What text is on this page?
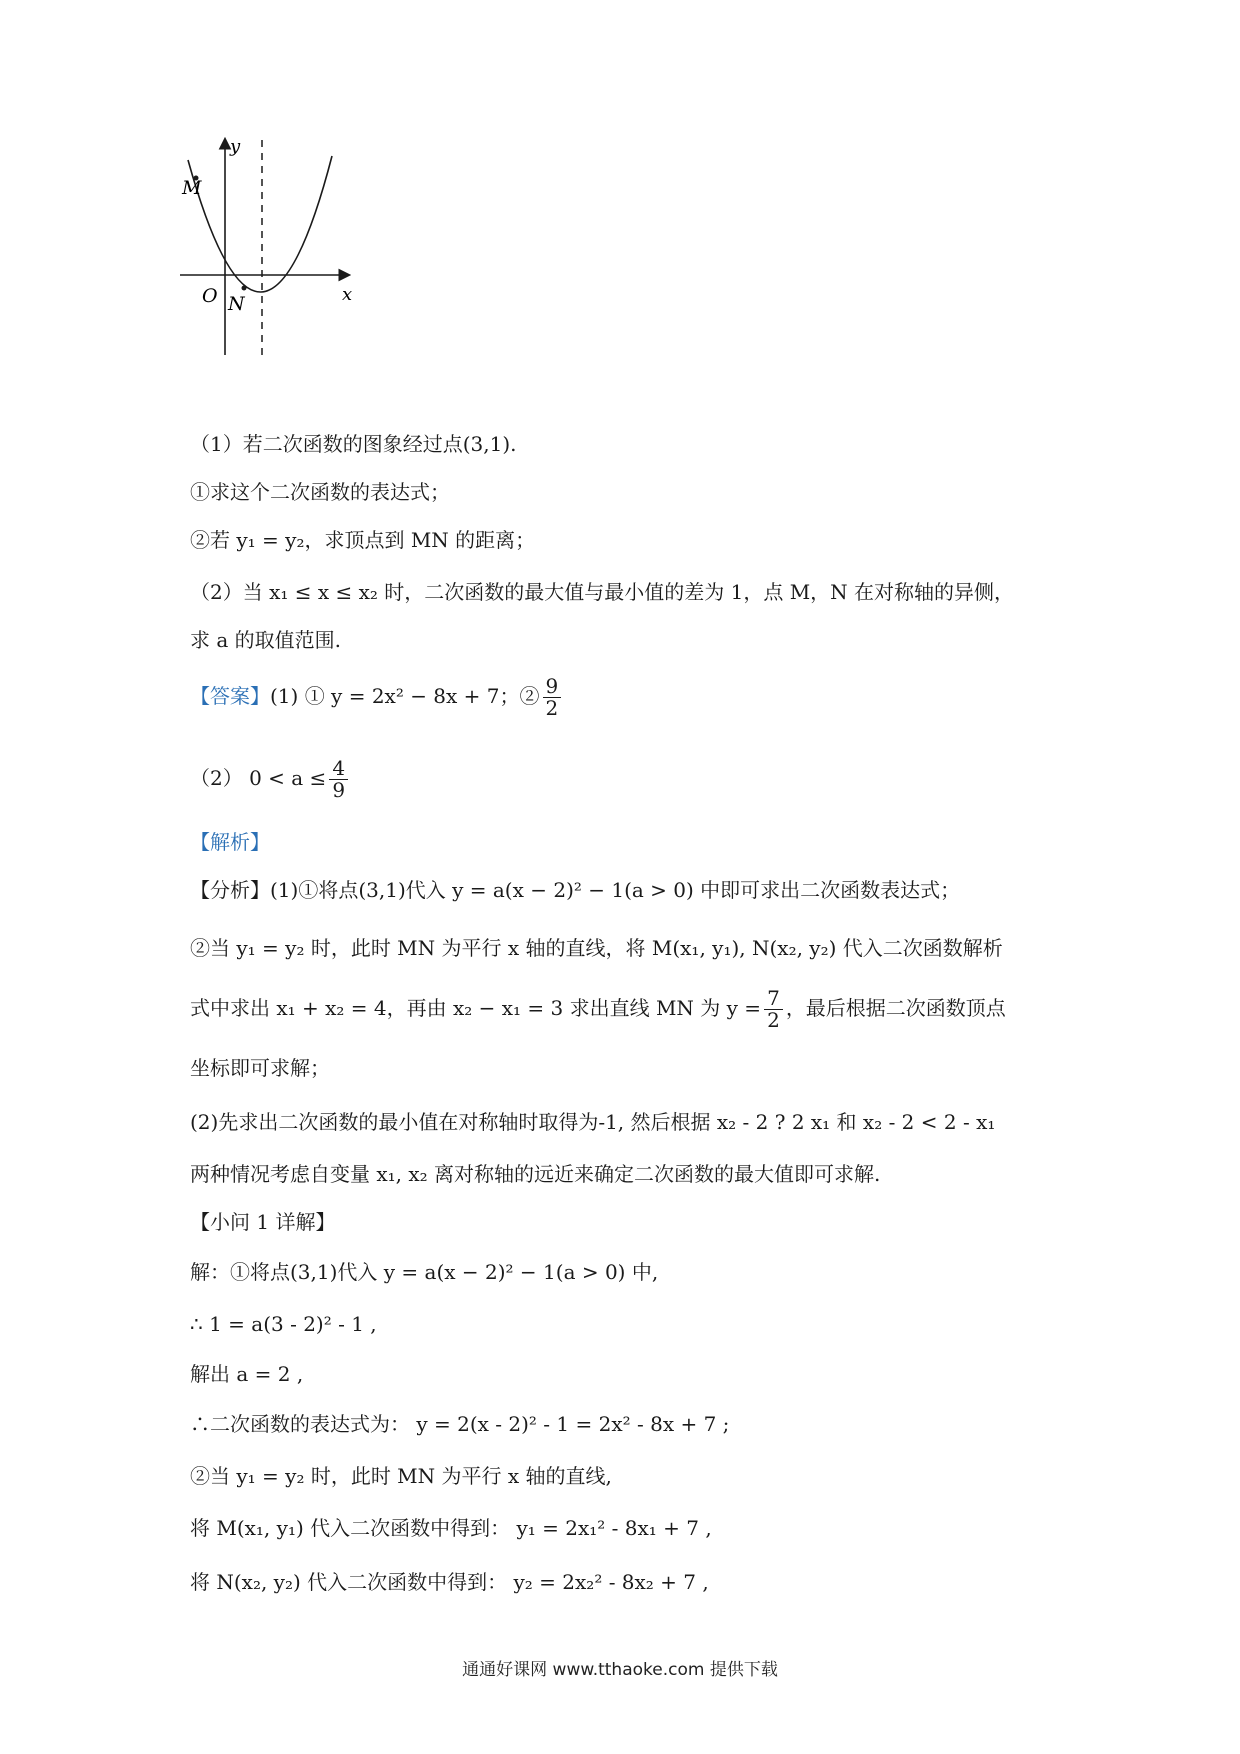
y
x
O
M
N
（1）若二次函数的图象经过点(3,1).
①求这个二次函数的表达式；
②若 y₁ = y₂，求顶点到 MN 的距离；
（2）当 x₁ ≤ x ≤ x₂ 时，二次函数的最大值与最小值的差为 1，点 M，N 在对称轴的异侧，
求 a 的取值范围.
【答案】(1) ① y = 2x² − 8x + 7；② $\frac{9}{2}$
（2） $0 < a \le \frac{4}{9}$
【解析】
【分析】(1)①将点(3,1)代入 y = a(x − 2)² − 1(a > 0) 中即可求出二次函数表达式；
②当 y₁ = y₂ 时，此时 MN 为平行 x 轴的直线，将 M(x₁, y₁), N(x₂, y₂) 代入二次函数解析
式中求出 x₁ + x₂ = 4，再由 x₂ − x₁ = 3 求出直线 MN 为 $y = \frac{7}{2}$ ，最后根据二次函数顶点
坐标即可求解；
(2)先求出二次函数的最小值在对称轴时取得为-1, 然后根据 x₂ - 2 ? 2 x₁ 和 x₂ - 2 < 2 - x₁
两种情况考虑自变量 x₁, x₂ 离对称轴的远近来确定二次函数的最大值即可求解.
【小问 1 详解】
解：①将点(3,1)代入 y = a(x − 2)² − 1(a > 0) 中,
∴ 1 = a(3 - 2)² - 1 ,
解出 a = 2 ,
∴二次函数的表达式为： y = 2(x - 2)² - 1 = 2x² - 8x + 7 ;
②当 y₁ = y₂ 时，此时 MN 为平行 x 轴的直线,
将 M(x₁, y₁) 代入二次函数中得到： y₁ = 2x₁² - 8x₁ + 7 ,
将 N(x₂, y₂) 代入二次函数中得到： y₂ = 2x₂² - 8x₂ + 7 ,
通通好课网 www.tthaoke.com 提供下载
